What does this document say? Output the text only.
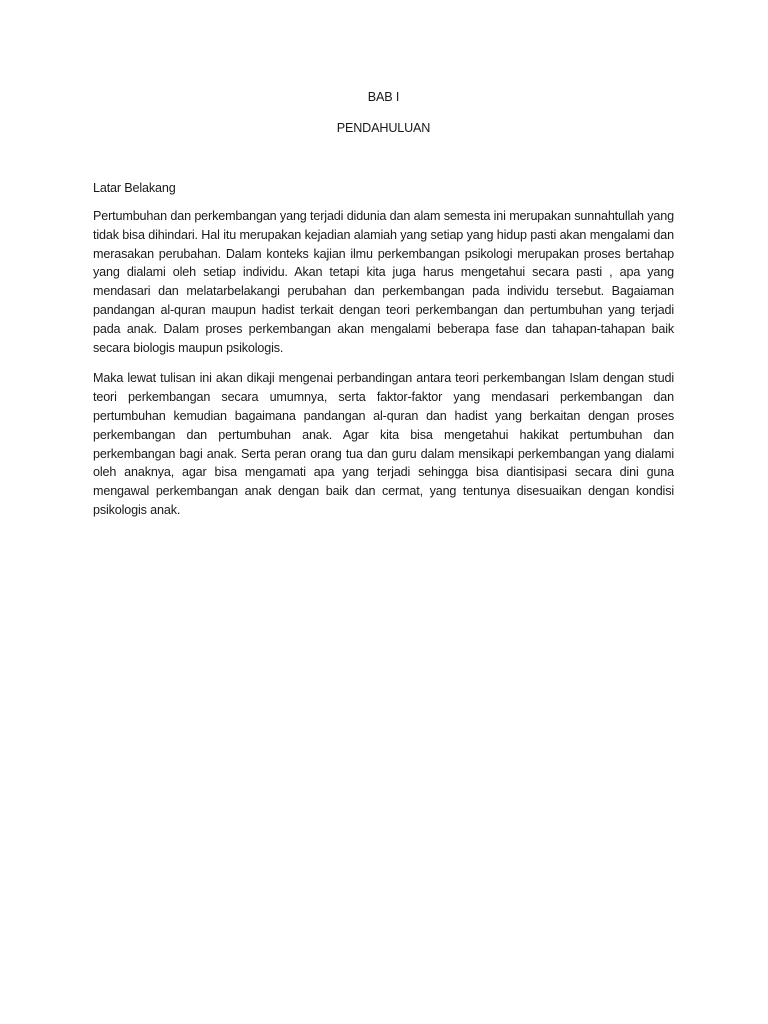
BAB I

PENDAHULUAN

Latar Belakang

Pertumbuhan dan perkembangan yang terjadi didunia dan alam semesta ini merupakan sunnahtullah yang tidak bisa dihindari. Hal itu merupakan kejadian alamiah yang setiap yang hidup pasti akan mengalami dan merasakan perubahan. Dalam konteks kajian ilmu perkembangan psikologi merupakan proses bertahap yang dialami oleh setiap individu. Akan tetapi kita juga harus mengetahui secara pasti , apa yang mendasari dan melatarbelakangi perubahan dan perkembangan pada individu tersebut. Bagaiaman pandangan al-quran maupun hadist terkait dengan teori perkembangan dan pertumbuhan yang terjadi pada anak. Dalam proses perkembangan akan mengalami beberapa fase dan tahapan-tahapan baik secara biologis maupun psikologis.

Maka lewat tulisan ini akan dikaji mengenai perbandingan antara teori perkembangan Islam dengan studi teori perkembangan secara umumnya, serta faktor-faktor yang mendasari perkembangan dan pertumbuhan kemudian bagaimana pandangan al-quran dan hadist yang berkaitan dengan proses perkembangan dan pertumbuhan anak. Agar kita bisa mengetahui hakikat pertumbuhan dan perkembangan bagi anak. Serta peran orang tua dan guru dalam mensikapi perkembangan yang dialami oleh anaknya, agar bisa mengamati apa yang terjadi sehingga bisa diantisipasi secara dini guna mengawal perkembangan anak dengan baik dan cermat, yang tentunya disesuaikan dengan kondisi psikologis anak.
